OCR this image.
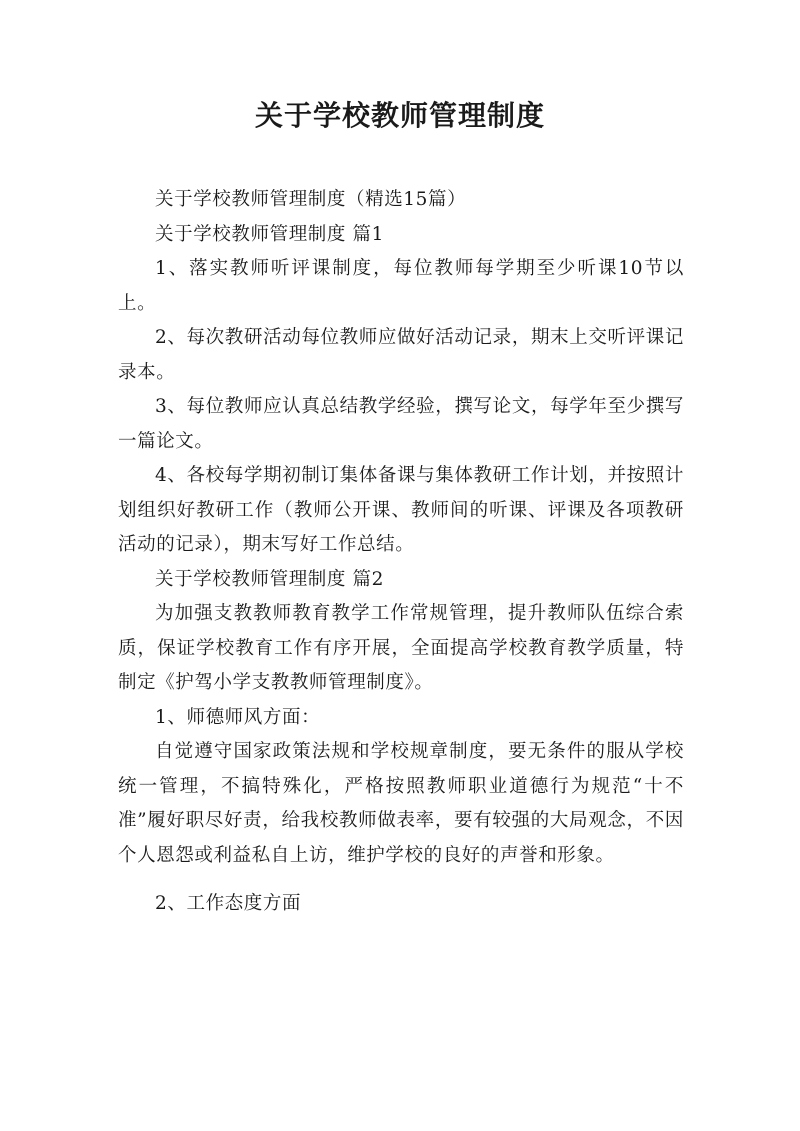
关于学校教师管理制度

关于学校教师管理制度（精选15篇）

关于学校教师管理制度 篇1

1、落实教师听评课制度，每位教师每学期至少听课10节以上。

2、每次教研活动每位教师应做好活动记录，期末上交听评课记录本。

3、每位教师应认真总结教学经验，撰写论文，每学年至少撰写一篇论文。

4、各校每学期初制订集体备课与集体教研工作计划，并按照计划组织好教研工作（教师公开课、教师间的听课、评课及各项教研活动的记录），期末写好工作总结。

关于学校教师管理制度 篇2

为加强支教教师教育教学工作常规管理，提升教师队伍综合索质，保证学校教育工作有序开展，全面提高学校教育教学质量，特制定《护驾小学支教教师管理制度》。

1、师德师风方面：

自觉遵守国家政策法规和学校规章制度，要无条件的服从学校统一管理，不搞特殊化，严格按照教师职业道德行为规范“十不准”履好职尽好责，给我校教师做表率，要有较强的大局观念，不因个人恩怨或利益私自上访，维护学校的良好的声誉和形象。

2、工作态度方面
